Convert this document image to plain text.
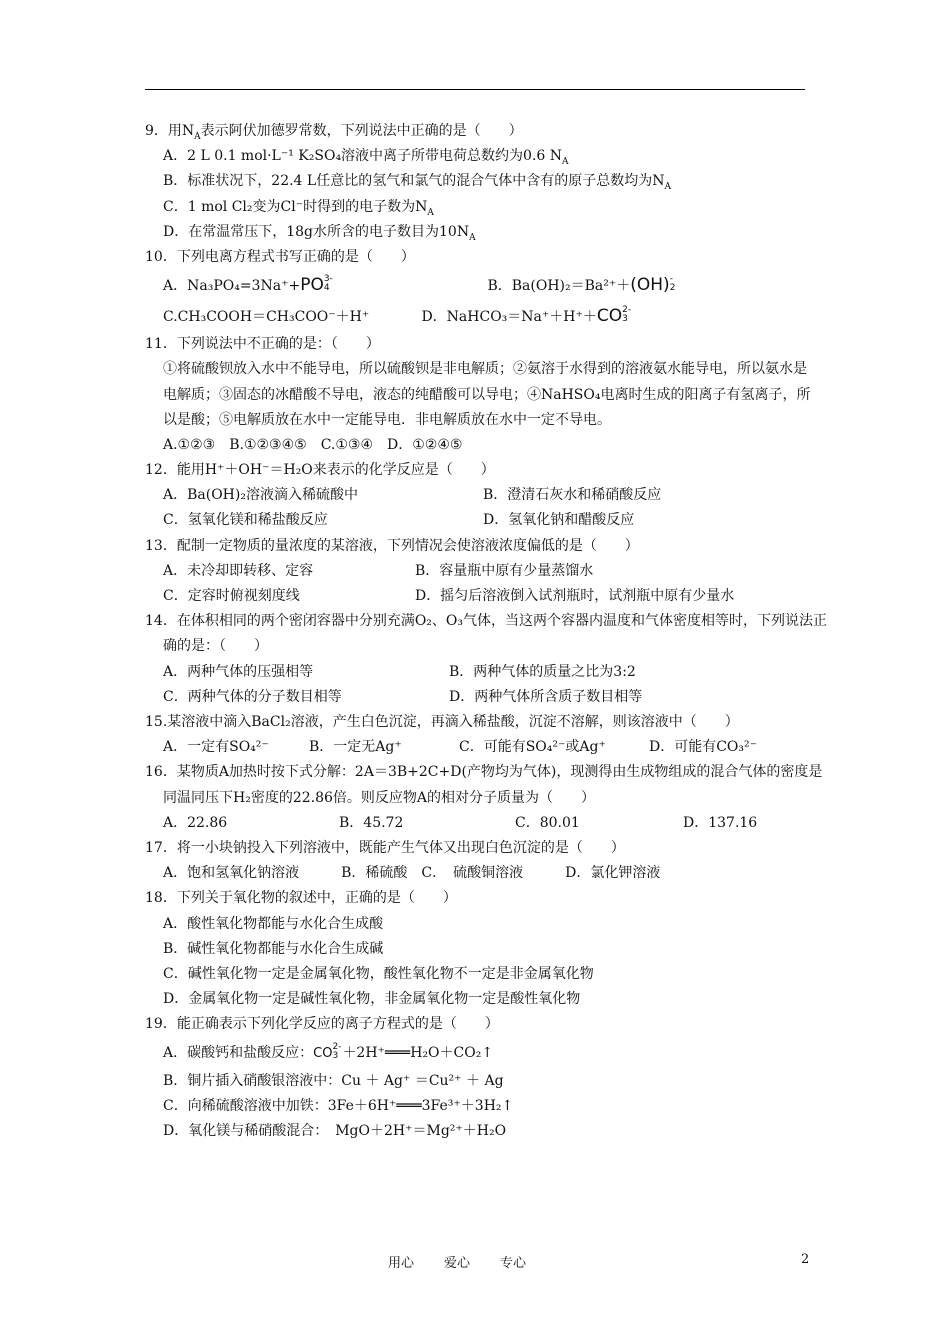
9．用$N_A$表示阿伏加德罗常数，下列说法中正确的是（　　）
A．2 L 0.1 mol·L⁻¹ K₂SO₄溶液中离子所带电荷总数约为0.6 $N_A$
B．标准状况下，22.4 L任意比的氢气和氯气的混合气体中含有的原子总数均为$N_A$
C．1 mol Cl₂变为Cl⁻时得到的电子数为$N_A$
D．在常温常压下，18g水所含的电子数目为$10N_A$
10．下列电离方程式书写正确的是（　　）
A．Na₃PO₄=3Na⁺+PO 3-
4	B．Ba(OH)₂＝Ba²⁺＋(OH) -
2
C.CH₃COOH＝CH₃COO⁻＋H⁺	D．NaHCO₃＝Na⁺＋H⁺＋CO 2-
3
11．下列说法中不正确的是：（　　）
①将硫酸钡放入水中不能导电，所以硫酸钡是非电解质；②氨溶于水得到的溶液氨水能导电，所以氨水是电解质；③固态的冰醋酸不导电，液态的纯醋酸可以导电；④NaHSO₄电离时生成的阳离子有氢离子，所以是酸；⑤电解质放在水中一定能导电．非电解质放在水中一定不导电。
A.①②③　B.①②③④⑤　C.①③④　D．①②④⑤
12．能用H⁺＋OH⁻＝H₂O来表示的化学反应是（　　）
A．Ba(OH)₂溶液滴入稀硫酸中	B．澄清石灰水和稀硝酸反应
C．氢氧化镁和稀盐酸反应	D．氢氧化钠和醋酸反应
13．配制一定物质的量浓度的某溶液，下列情况会使溶液浓度偏低的是（　　）
A．未冷却即转移、定容	B．容量瓶中原有少量蒸馏水
C．定容时俯视刻度线	D．摇匀后溶液倒入试剂瓶时，试剂瓶中原有少量水
14．在体积相同的两个密闭容器中分别充满O₂、O₃气体，当这两个容器内温度和气体密度相等时，下列说法正确的是：（　　）
A．两种气体的压强相等	B．两种气体的质量之比为3:2
C．两种气体的分子数目相等	D．两种气体所含质子数目相等
15.某溶液中滴入BaCl₂溶液，产生白色沉淀，再滴入稀盐酸，沉淀不溶解，则该溶液中（　　）
A．一定有SO₄²⁻	B．一定无Ag⁺	C．可能有SO₄²⁻或Ag⁺	D．可能有CO₃²⁻
16．某物质A加热时按下式分解：2A＝3B+2C+D(产物均为气体)，现测得由生成物组成的混合气体的密度是同温同压下H₂密度的22.86倍。则反应物A的相对分子质量为（　　）
A．22.86	B．45.72	C．80.01	D．137.16
17．将一小块钠投入下列溶液中，既能产生气体又出现白色沉淀的是（　　）
A．饱和氢氧化钠溶液　　　B．稀硫酸　C．　硫酸铜溶液　　　D．氯化钾溶液
18．下列关于氧化物的叙述中，正确的是（　　）
A．酸性氧化物都能与水化合生成酸
B．碱性氧化物都能与水化合生成碱
C．碱性氧化物一定是金属氧化物，酸性氧化物不一定是非金属氧化物
D．金属氧化物一定是碱性氧化物，非金属氧化物一定是酸性氧化物
19．能正确表示下列化学反应的离子方程式的是（　　）
A．碳酸钙和盐酸反应：CO 2-
3 ＋2H⁺═══H₂O＋CO₂↑
B．铜片插入硝酸银溶液中：Cu ＋ Ag⁺ ＝Cu²⁺ ＋ Ag
C．向稀硫酸溶液中加铁：3Fe＋6H⁺═══3Fe³⁺＋3H₂↑
D．氧化镁与稀硝酸混合：　MgO＋2H⁺＝Mg²⁺＋H₂O
用心 爱心 专心	2
